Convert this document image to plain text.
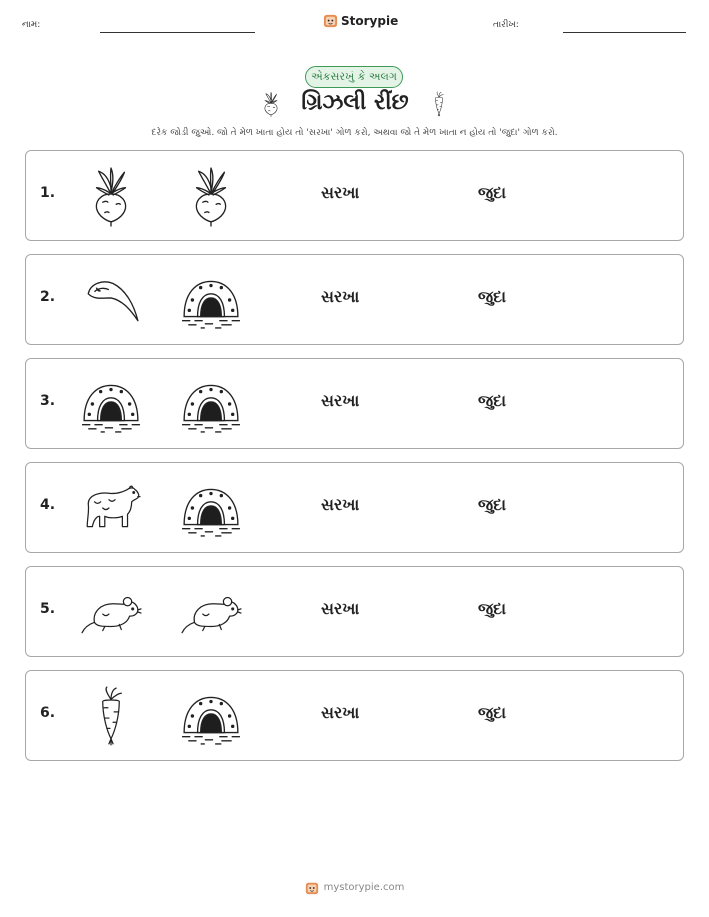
નામ:	Storypie	તારીખ:
એકસરખું કે અલગ
ગ્રિઝલી રીંછ
દરેક જોડી જુઓ. જો તે મેળ ખાતા હોય તો 'સરખા' ગોળ કરો, અથવા જો તે મેળ ખાતા ન હોય તો 'જુદા' ગોળ કરો.
1.	સરખા	જુદા
2.	સરખા	જુદા
3.	સરખા	જુદા
4.	સરખા	જુદા
5.	સરખા	જુદા
6.	સરખા	જુદા
mystorypie.com
